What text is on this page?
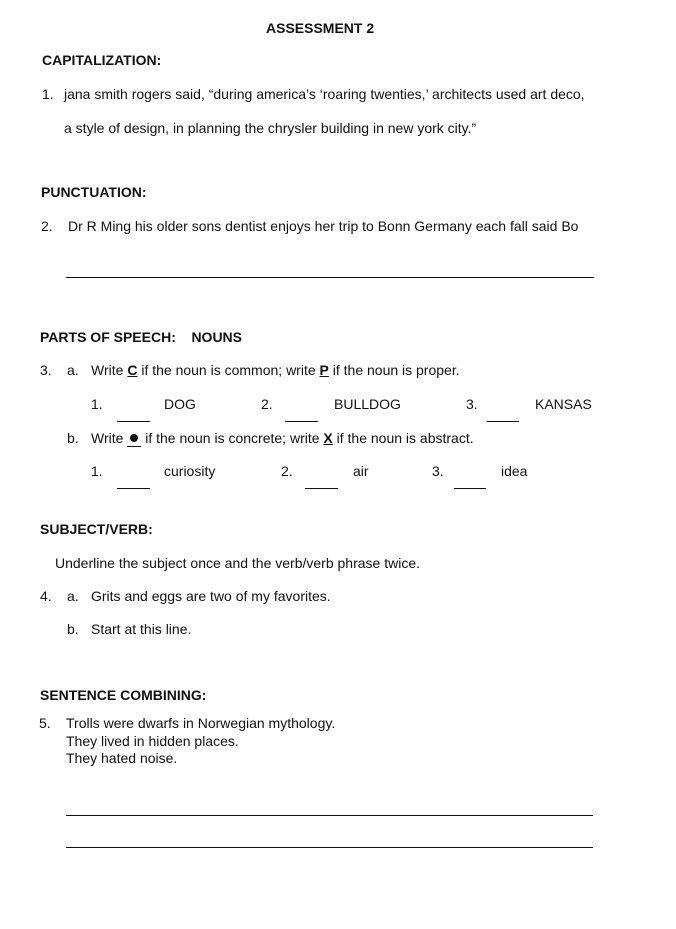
ASSESSMENT 2
CAPITALIZATION:
1. jana smith rogers said, “during america’s ‘roaring twenties,’ architects used art deco,
a style of design, in planning the chrysler building in new york city.”
PUNCTUATION:
2. Dr R Ming his older sons dentist enjoys her trip to Bonn Germany each fall said Bo
PARTS OF SPEECH: NOUNS
3. a. Write C if the noun is common; write P if the noun is proper.
1.	DOG	2.	BULLDOG	3.	KANSAS
b. Write if the noun is concrete; write X if the noun is abstract.
1.	curiosity	2.	air	3.	idea
SUBJECT/VERB:
Underline the subject once and the verb/verb phrase twice.
4. a. Grits and eggs are two of my favorites.
b. Start at this line.
SENTENCE COMBINING:
5. Trolls were dwarfs in Norwegian mythology.
They lived in hidden places.
They hated noise.
